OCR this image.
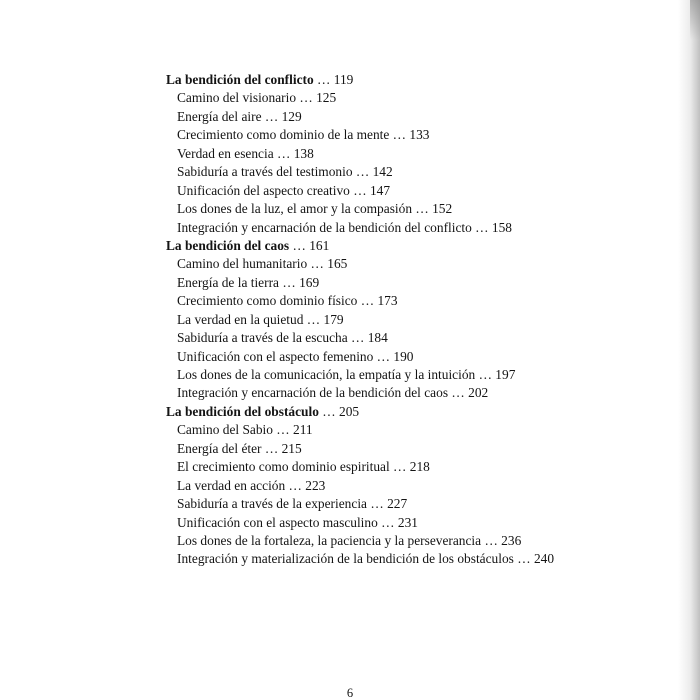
La bendición del conflicto … 119
Camino del visionario … 125
Energía del aire … 129
Crecimiento como dominio de la mente … 133
Verdad en esencia … 138
Sabiduría a través del testimonio … 142
Unificación del aspecto creativo … 147
Los dones de la luz, el amor y la compasión … 152
Integración y encarnación de la bendición del conflicto … 158
La bendición del caos … 161
Camino del humanitario … 165
Energía de la tierra … 169
Crecimiento como dominio físico … 173
La verdad en la quietud … 179
Sabiduría a través de la escucha … 184
Unificación con el aspecto femenino … 190
Los dones de la comunicación, la empatía y la intuición … 197
Integración y encarnación de la bendición del caos … 202
La bendición del obstáculo … 205
Camino del Sabio … 211
Energía del éter … 215
El crecimiento como dominio espiritual … 218
La verdad en acción … 223
Sabiduría a través de la experiencia … 227
Unificación con el aspecto masculino … 231
Los dones de la fortaleza, la paciencia y la perseverancia … 236
Integración y materialización de la bendición de los obstáculos … 240
6
